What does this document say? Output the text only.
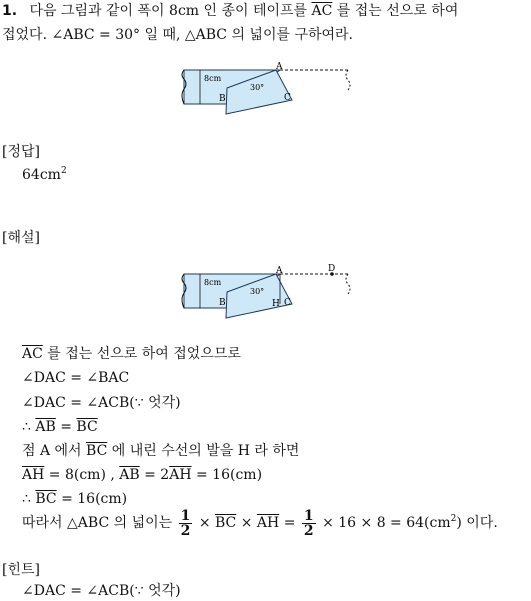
1. 다음 그림과 같이 폭이 8cm 인 종이 테이프를 $\overline{AC}$ 를 접는 선으로 하여
접었다. ∠ABC = 30° 일 때, △ABC 의 넓이를 구하여라.
8cm
30°
A
B	C
[정답]
$64cm^2$
[해설]
8cm
30°
A
B	C
D
H
$\overline{AC}$ 를 접는 선으로 하여 접었으므로
∠DAC = ∠BAC
∠DAC = ∠ACB(∵ 엇각)
∴ $\overline{AB} = \overline{BC}$
점 A 에서 $\overline{BC}$ 에 내린 수선의 발을 H 라 하면
$\overline{AH} = 8(cm)$ , $\overline{AB} = 2\overline{AH} = 16(cm)$
∴ $\overline{BC} = 16(cm)$
따라서 △ABC 의 넓이는 $\frac{1}{2} \times \overline{BC} \times \overline{AH} = \frac{1}{2} \times 16 \times 8 = 64(cm^2)$ 이다.
[힌트]
∠DAC = ∠ACB(∵ 엇각)
